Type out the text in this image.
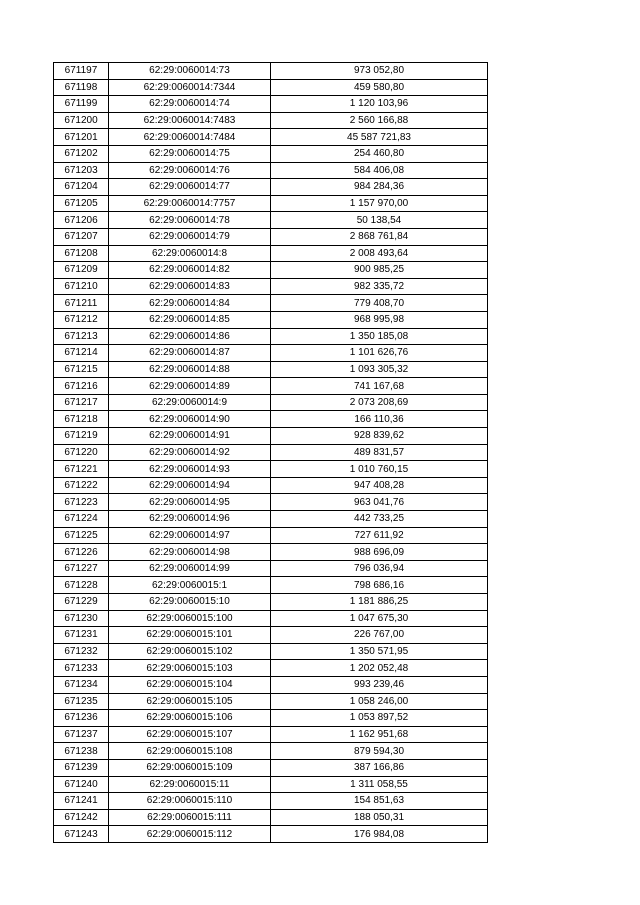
671197	62:29:0060014:73	973 052,80
671198	62:29:0060014:7344	459 580,80
671199	62:29:0060014:74	1 120 103,96
671200	62:29:0060014:7483	2 560 166,88
671201	62:29:0060014:7484	45 587 721,83
671202	62:29:0060014:75	254 460,80
671203	62:29:0060014:76	584 406,08
671204	62:29:0060014:77	984 284,36
671205	62:29:0060014:7757	1 157 970,00
671206	62:29:0060014:78	50 138,54
671207	62:29:0060014:79	2 868 761,84
671208	62:29:0060014:8	2 008 493,64
671209	62:29:0060014:82	900 985,25
671210	62:29:0060014:83	982 335,72
671211	62:29:0060014:84	779 408,70
671212	62:29:0060014:85	968 995,98
671213	62:29:0060014:86	1 350 185,08
671214	62:29:0060014:87	1 101 626,76
671215	62:29:0060014:88	1 093 305,32
671216	62:29:0060014:89	741 167,68
671217	62:29:0060014:9	2 073 208,69
671218	62:29:0060014:90	166 110,36
671219	62:29:0060014:91	928 839,62
671220	62:29:0060014:92	489 831,57
671221	62:29:0060014:93	1 010 760,15
671222	62:29:0060014:94	947 408,28
671223	62:29:0060014:95	963 041,76
671224	62:29:0060014:96	442 733,25
671225	62:29:0060014:97	727 611,92
671226	62:29:0060014:98	988 696,09
671227	62:29:0060014:99	796 036,94
671228	62:29:0060015:1	798 686,16
671229	62:29:0060015:10	1 181 886,25
671230	62:29:0060015:100	1 047 675,30
671231	62:29:0060015:101	226 767,00
671232	62:29:0060015:102	1 350 571,95
671233	62:29:0060015:103	1 202 052,48
671234	62:29:0060015:104	993 239,46
671235	62:29:0060015:105	1 058 246,00
671236	62:29:0060015:106	1 053 897,52
671237	62:29:0060015:107	1 162 951,68
671238	62:29:0060015:108	879 594,30
671239	62:29:0060015:109	387 166,86
671240	62:29:0060015:11	1 311 058,55
671241	62:29:0060015:110	154 851,63
671242	62:29:0060015:111	188 050,31
671243	62:29:0060015:112	176 984,08
